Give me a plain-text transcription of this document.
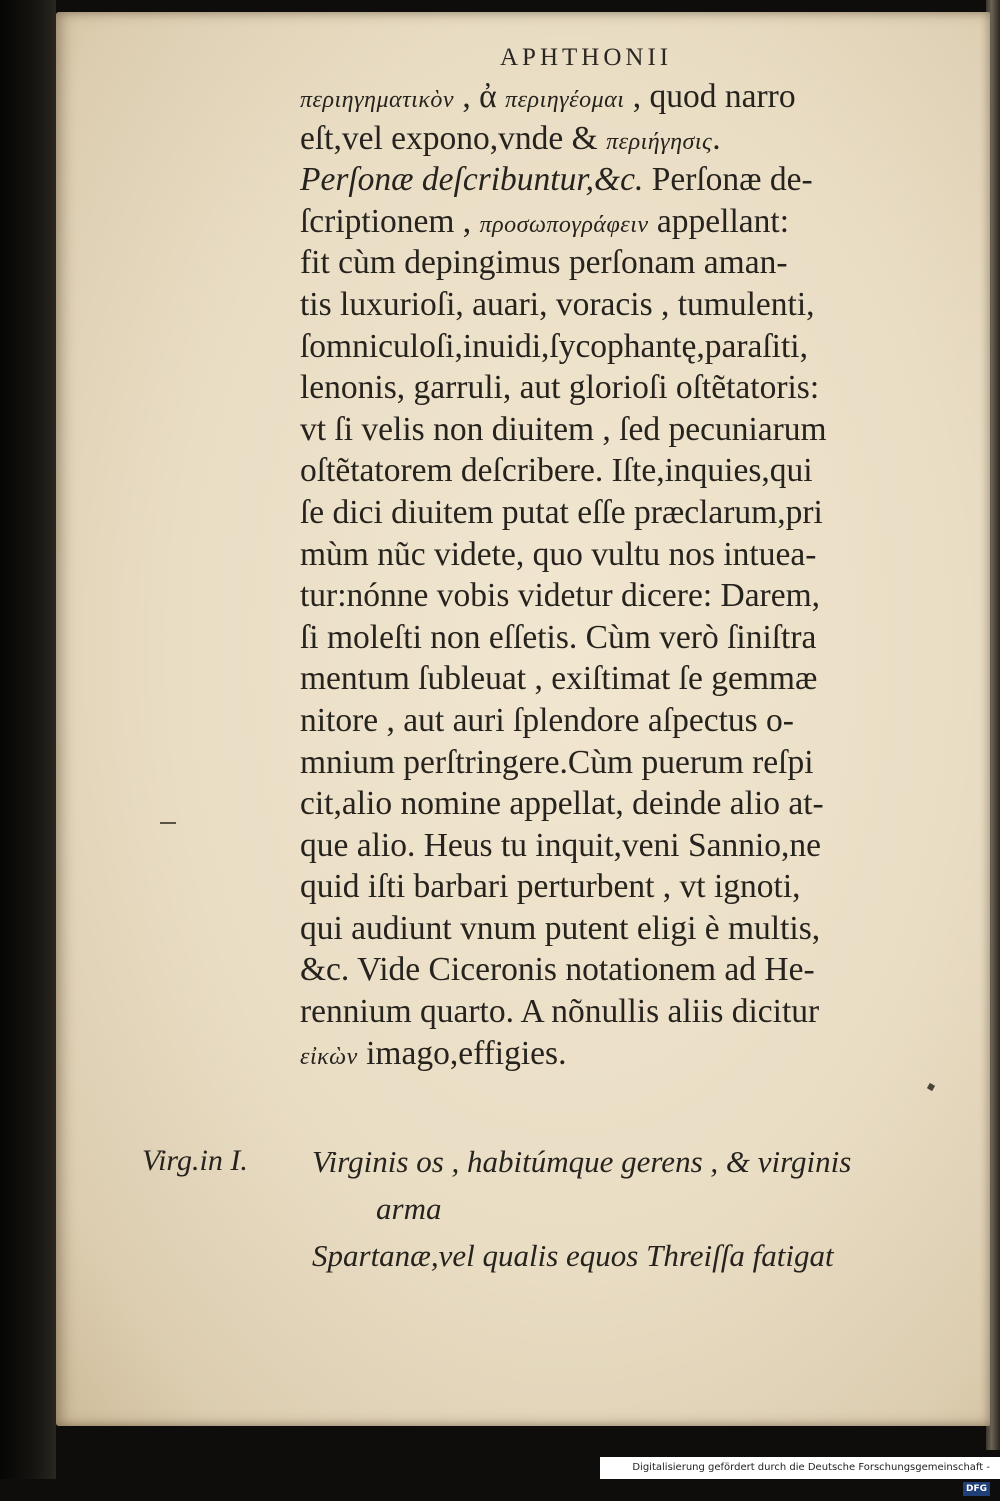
APHTHONII
περιηγηματικὸν , ἀ περιηγέομαι , quod narro
eſt,vel expono,vnde & περιήγησις.
Perſonæ deſcribuntur,&c. Perſonæ de-
ſcriptionem , προσωπογράφειν appellant:
fit cùm depingimus perſonam aman-
tis luxurioſi, auari, voracis , tumulenti,
ſomniculoſi,inuidi,ſycophantę,paraſiti,
lenonis, garruli, aut glorioſi oſtẽtatoris:
vt ſi velis non diuitem , ſed pecuniarum
oſtẽtatorem deſcribere. Iſte,inquies,qui
ſe dici diuitem putat eſſe præclarum,pri
mùm nũc videte, quo vultu nos intuea-
tur:nónne vobis videtur dicere: Darem,
ſi moleſti non eſſetis. Cùm verò ſiniſtra
mentum ſubleuat , exiſtimat ſe gemmæ
nitore , aut auri ſplendore aſpectus o-
mnium perſtringere.Cùm puerum reſpi
cit,alio nomine appellat, deinde alio at-
que alio. Heus tu inquit,veni Sannio,ne
quid iſti barbari perturbent , vt ignoti,
qui audiunt vnum putent eligi è multis,
&c. Vide Ciceronis notationem ad He-
rennium quarto. A nõnullis aliis dicitur
εἰκὼν imago,effigies.
Virg.in I. Virginis os , habitúmque gerens , & virginis
arma
Spartanæ,vel qualis equos Threiſſa fatigat
Digitalisierung gefördert durch die Deutsche Forschungsgemeinschaft - DFG
